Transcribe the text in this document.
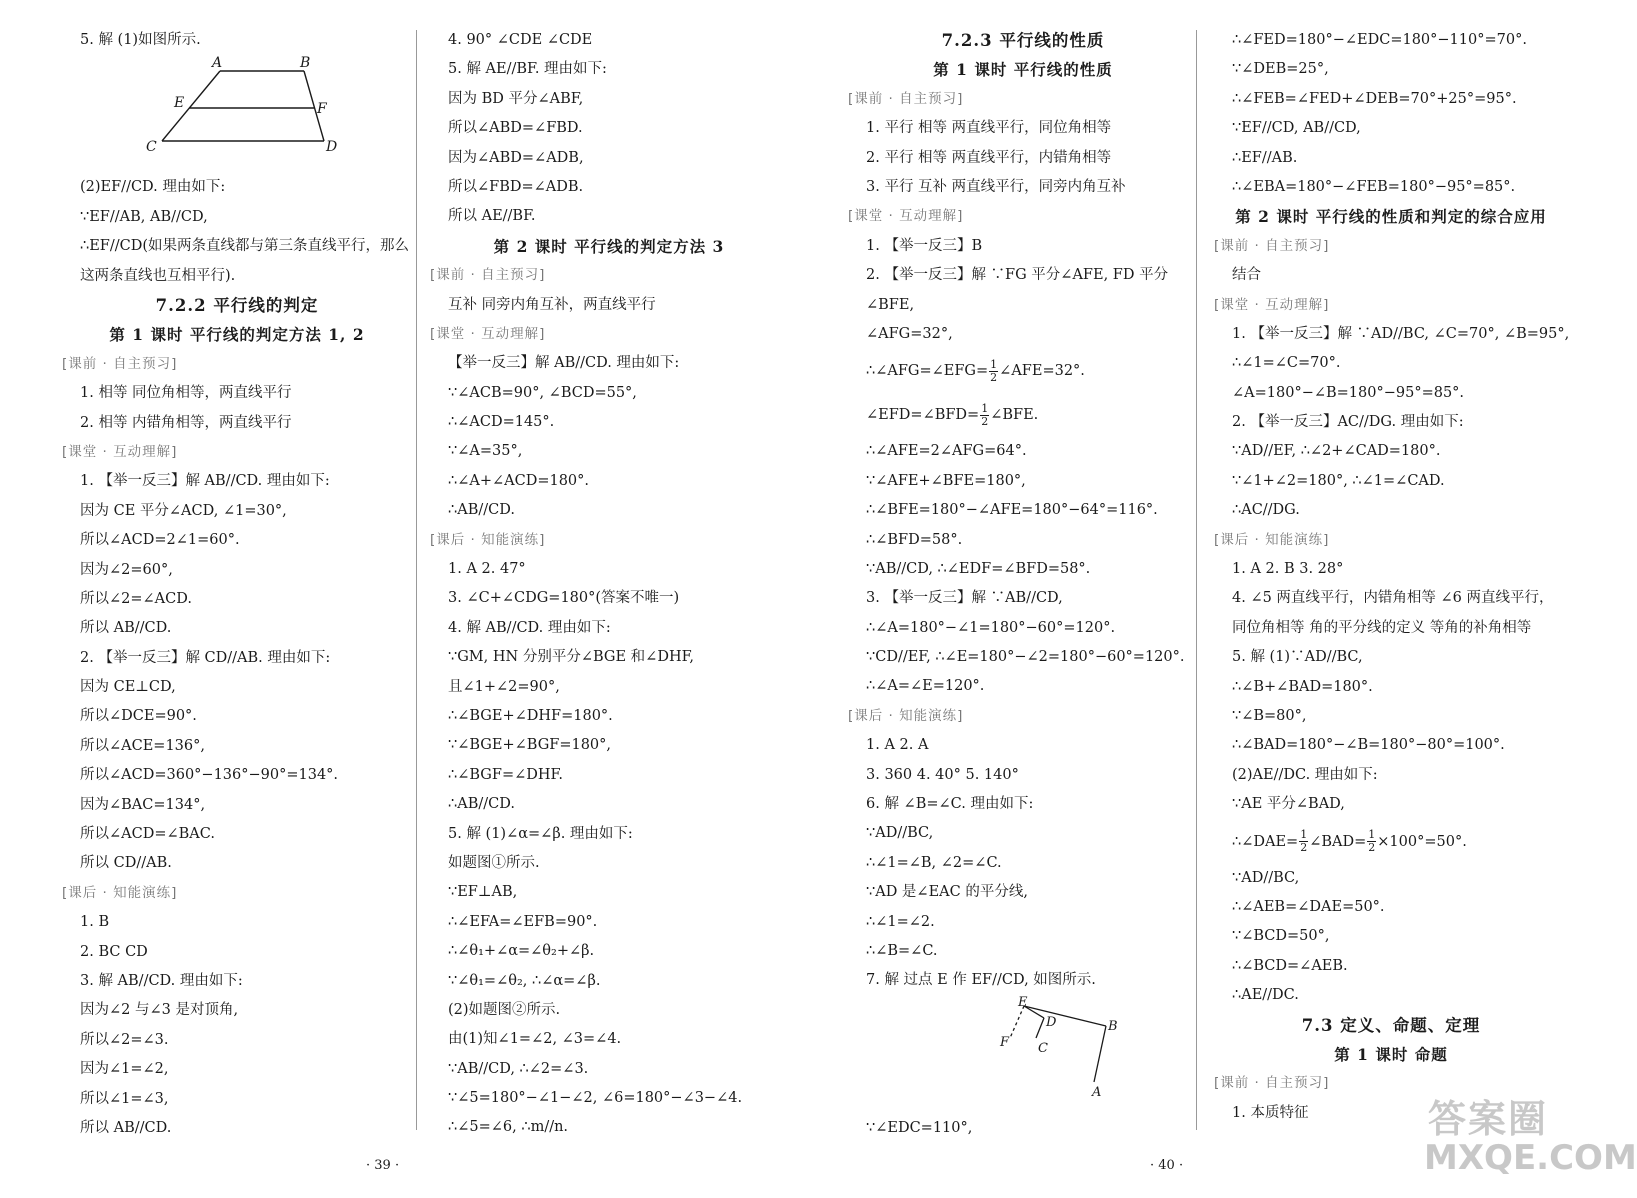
5. 解 (1)如图所示.
A	B
E	F
C	D
(2)EF//CD. 理由如下:
∵EF//AB, AB//CD,
∴EF//CD(如果两条直线都与第三条直线平行，那么这两条直线也互相平行).
7.2.2 平行线的判定
第 1 课时 平行线的判定方法 1, 2
[课前 · 自主预习]
1. 相等 同位角相等，两直线平行
2. 相等 内错角相等，两直线平行
[课堂 · 互动理解]
1. 【举一反三】解 AB//CD. 理由如下:
因为 CE 平分∠ACD, ∠1=30°,
所以∠ACD=2∠1=60°.
因为∠2=60°,
所以∠2=∠ACD.
所以 AB//CD.
2. 【举一反三】解 CD//AB. 理由如下:
因为 CE⊥CD,
所以∠DCE=90°.
所以∠ACE=136°,
所以∠ACD=360°−136°−90°=134°.
因为∠BAC=134°,
所以∠ACD=∠BAC.
所以 CD//AB.
[课后 · 知能演练]
1. B
2. BC CD
3. 解 AB//CD. 理由如下:
因为∠2 与∠3 是对顶角,
所以∠2=∠3.
因为∠1=∠2,
所以∠1=∠3,
所以 AB//CD.
4. 90° ∠CDE ∠CDE
5. 解 AE//BF. 理由如下:
因为 BD 平分∠ABF,
所以∠ABD=∠FBD.
因为∠ABD=∠ADB,
所以∠FBD=∠ADB.
所以 AE//BF.
第 2 课时 平行线的判定方法 3
[课前 · 自主预习]
互补 同旁内角互补，两直线平行
[课堂 · 互动理解]
【举一反三】解 AB//CD. 理由如下:
∵∠ACB=90°, ∠BCD=55°,
∴∠ACD=145°.
∵∠A=35°,
∴∠A+∠ACD=180°.
∴AB//CD.
[课后 · 知能演练]
1. A 2. 47°
3. ∠C+∠CDG=180°(答案不唯一)
4. 解 AB//CD. 理由如下:
∵GM, HN 分别平分∠BGE 和∠DHF,
且∠1+∠2=90°,
∴∠BGE+∠DHF=180°.
∵∠BGE+∠BGF=180°,
∴∠BGF=∠DHF.
∴AB//CD.
5. 解 (1)∠α=∠β. 理由如下:
如题图①所示.
∵EF⊥AB,
∴∠EFA=∠EFB=90°.
∴∠θ₁+∠α=∠θ₂+∠β.
∵∠θ₁=∠θ₂, ∴∠α=∠β.
(2)如题图②所示.
由(1)知∠1=∠2, ∠3=∠4.
∵AB//CD, ∴∠2=∠3.
∵∠5=180°−∠1−∠2, ∠6=180°−∠3−∠4.
∴∠5=∠6, ∴m//n.
7.2.3 平行线的性质
第 1 课时 平行线的性质
[课前 · 自主预习]
1. 平行 相等 两直线平行，同位角相等
2. 平行 相等 两直线平行，内错角相等
3. 平行 互补 两直线平行，同旁内角互补
[课堂 · 互动理解]
1. 【举一反三】B
2. 【举一反三】解 ∵FG 平分∠AFE, FD 平分∠BFE,
∠AFG=32°,
∴∠AFG=∠EFG= $\frac{1}{2}$ ∠AFE=32°.
∠EFD=∠BFD= $\frac{1}{2}$ ∠BFE.
∴∠AFE=2∠AFG=64°.
∵∠AFE+∠BFE=180°,
∴∠BFE=180°−∠AFE=180°−64°=116°.
∴∠BFD=58°.
∵AB//CD, ∴∠EDF=∠BFD=58°.
3. 【举一反三】解 ∵AB//CD,
∴∠A=180°−∠1=180°−60°=120°.
∵CD//EF, ∴∠E=180°−∠2=180°−60°=120°.
∴∠A=∠E=120°.
[课后 · 知能演练]
1. A 2. A
3. 360 4. 40° 5. 140°
6. 解 ∠B=∠C. 理由如下:
∵AD//BC,
∴∠1=∠B, ∠2=∠C.
∵AD 是∠EAC 的平分线,
∴∠1=∠2.
∴∠B=∠C.
7. 解 过点 E 作 EF//CD, 如图所示.
E
D	B
F C
A
∵∠EDC=110°,
∴∠FED=180°−∠EDC=180°−110°=70°.
∵∠DEB=25°,
∴∠FEB=∠FED+∠DEB=70°+25°=95°.
∵EF//CD, AB//CD,
∴EF//AB.
∴∠EBA=180°−∠FEB=180°−95°=85°.
第 2 课时 平行线的性质和判定的综合应用
[课前 · 自主预习]
结合
[课堂 · 互动理解]
1. 【举一反三】解 ∵AD//BC, ∠C=70°, ∠B=95°,
∴∠1=∠C=70°.
∠A=180°−∠B=180°−95°=85°.
2. 【举一反三】AC//DG. 理由如下:
∵AD//EF, ∴∠2+∠CAD=180°.
∵∠1+∠2=180°, ∴∠1=∠CAD.
∴AC//DG.
[课后 · 知能演练]
1. A 2. B 3. 28°
4. ∠5 两直线平行，内错角相等 ∠6 两直线平行，同位角相等 角的平分线的定义 等角的补角相等
5. 解 (1)∵AD//BC,
∴∠B+∠BAD=180°.
∵∠B=80°,
∴∠BAD=180°−∠B=180°−80°=100°.
(2)AE//DC. 理由如下:
∵AE 平分∠BAD,
∴∠DAE= $\frac{1}{2}$ ∠BAD= $\frac{1}{2} \times 100^\circ=50^\circ$.
∵AD//BC,
∴∠AEB=∠DAE=50°.
∵∠BCD=50°,
∴∠BCD=∠AEB.
∴AE//DC.
7.3 定义、命题、定理
第 1 课时 命题
[课前 · 自主预习]
1. 本质特征
· 39 ·	· 40 ·
答案圈
MXQE.COM
